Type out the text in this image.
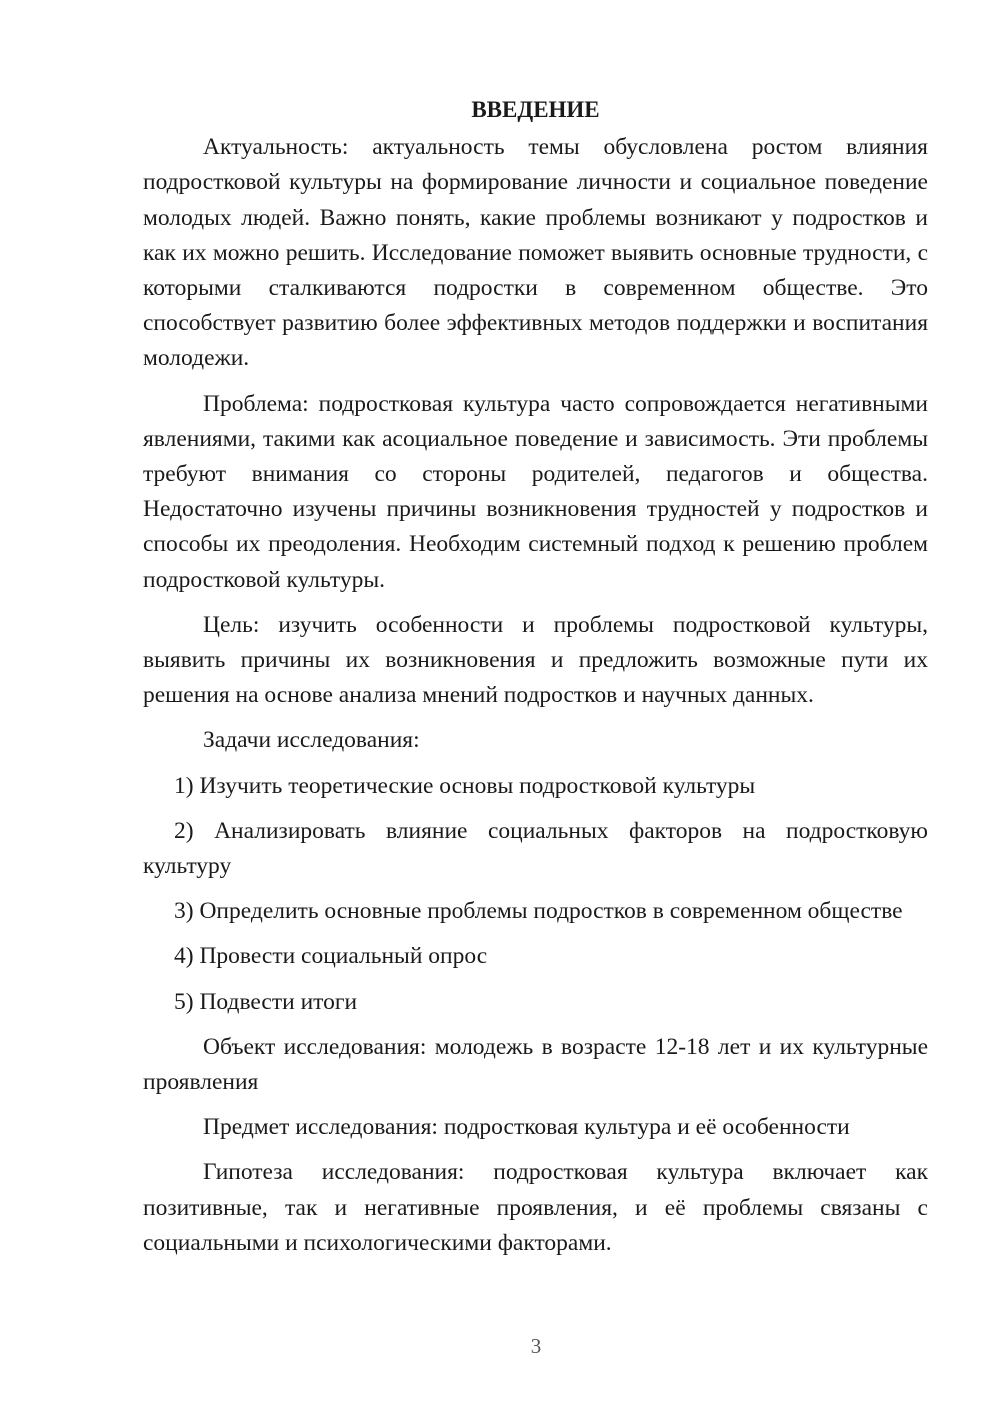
ВВЕДЕНИЕ

Актуальность: актуальность темы обусловлена ростом влияния подростковой культуры на формирование личности и социальное поведение молодых людей. Важно понять, какие проблемы возникают у подростков и как их можно решить. Исследование поможет выявить основные трудности, с которыми сталкиваются подростки в современном обществе. Это способствует развитию более эффективных методов поддержки и воспитания молодежи.

Проблема: подростковая культура часто сопровождается негативными явлениями, такими как асоциальное поведение и зависимость. Эти проблемы требуют внимания со стороны родителей, педагогов и общества. Недостаточно изучены причины возникновения трудностей у подростков и способы их преодоления. Необходим системный подход к решению проблем подростковой культуры.

Цель: изучить особенности и проблемы подростковой культуры, выявить причины их возникновения и предложить возможные пути их решения на основе анализа мнений подростков и научных данных.

Задачи исследования:

1) Изучить теоретические основы подростковой культуры

2) Анализировать влияние социальных факторов на подростковую культуру

3) Определить основные проблемы подростков в современном обществе

4) Провести социальный опрос

5) Подвести итоги

Объект исследования: молодежь в возрасте 12-18 лет и их культурные проявления

Предмет исследования: подростковая культура и её особенности

Гипотеза исследования: подростковая культура включает как позитивные, так и негативные проявления, и её проблемы связаны с социальными и психологическими факторами.

3
